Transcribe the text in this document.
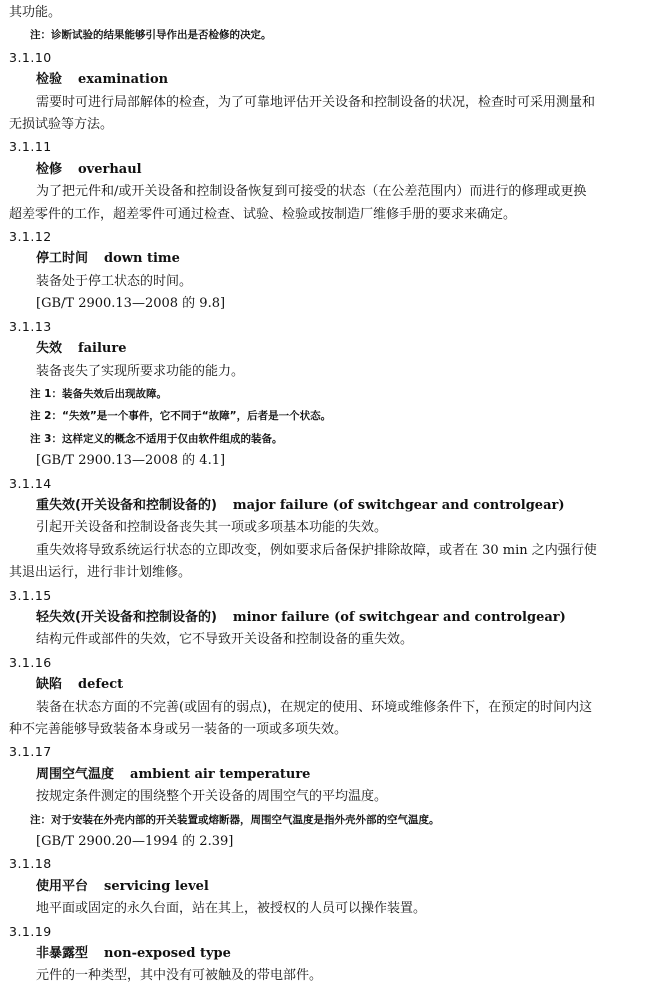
其功能。
注：诊断试验的结果能够引导作出是否检修的决定。
3.1.10
检验 examination
需要时可进行局部解体的检查，为了可靠地评估开关设备和控制设备的状况，检查时可采用测量和
无损试验等方法。
3.1.11
检修 overhaul
为了把元件和/或开关设备和控制设备恢复到可接受的状态（在公差范围内）而进行的修理或更换
超差零件的工作，超差零件可通过检查、试验、检验或按制造厂维修手册的要求来确定。
3.1.12
停工时间 down time
装备处于停工状态的时间。
[GB/T 2900.13—2008 的 9.8]
3.1.13
失效 failure
装备丧失了实现所要求功能的能力。
注 1：装备失效后出现故障。
注 2：“失效”是一个事件，它不同于“故障”，后者是一个状态。
注 3：这样定义的概念不适用于仅由软件组成的装备。
[GB/T 2900.13—2008 的 4.1]
3.1.14
重失效(开关设备和控制设备的) major failure (of switchgear and controlgear)
引起开关设备和控制设备丧失其一项或多项基本功能的失效。
重失效将导致系统运行状态的立即改变，例如要求后备保护排除故障，或者在 30 min 之内强行使
其退出运行，进行非计划维修。
3.1.15
轻失效(开关设备和控制设备的) minor failure (of switchgear and controlgear)
结构元件或部件的失效，它不导致开关设备和控制设备的重失效。
3.1.16
缺陷 defect
装备在状态方面的不完善(或固有的弱点)，在规定的使用、环境或维修条件下，在预定的时间内这
种不完善能够导致装备本身或另一装备的一项或多项失效。
3.1.17
周围空气温度 ambient air temperature
按规定条件测定的围绕整个开关设备的周围空气的平均温度。
注：对于安装在外壳内部的开关装置或熔断器，周围空气温度是指外壳外部的空气温度。
[GB/T 2900.20—1994 的 2.39]
3.1.18
使用平台 servicing level
地平面或固定的永久台面，站在其上，被授权的人员可以操作装置。
3.1.19
非暴露型 non-exposed type
元件的一种类型，其中没有可被触及的带电部件。
